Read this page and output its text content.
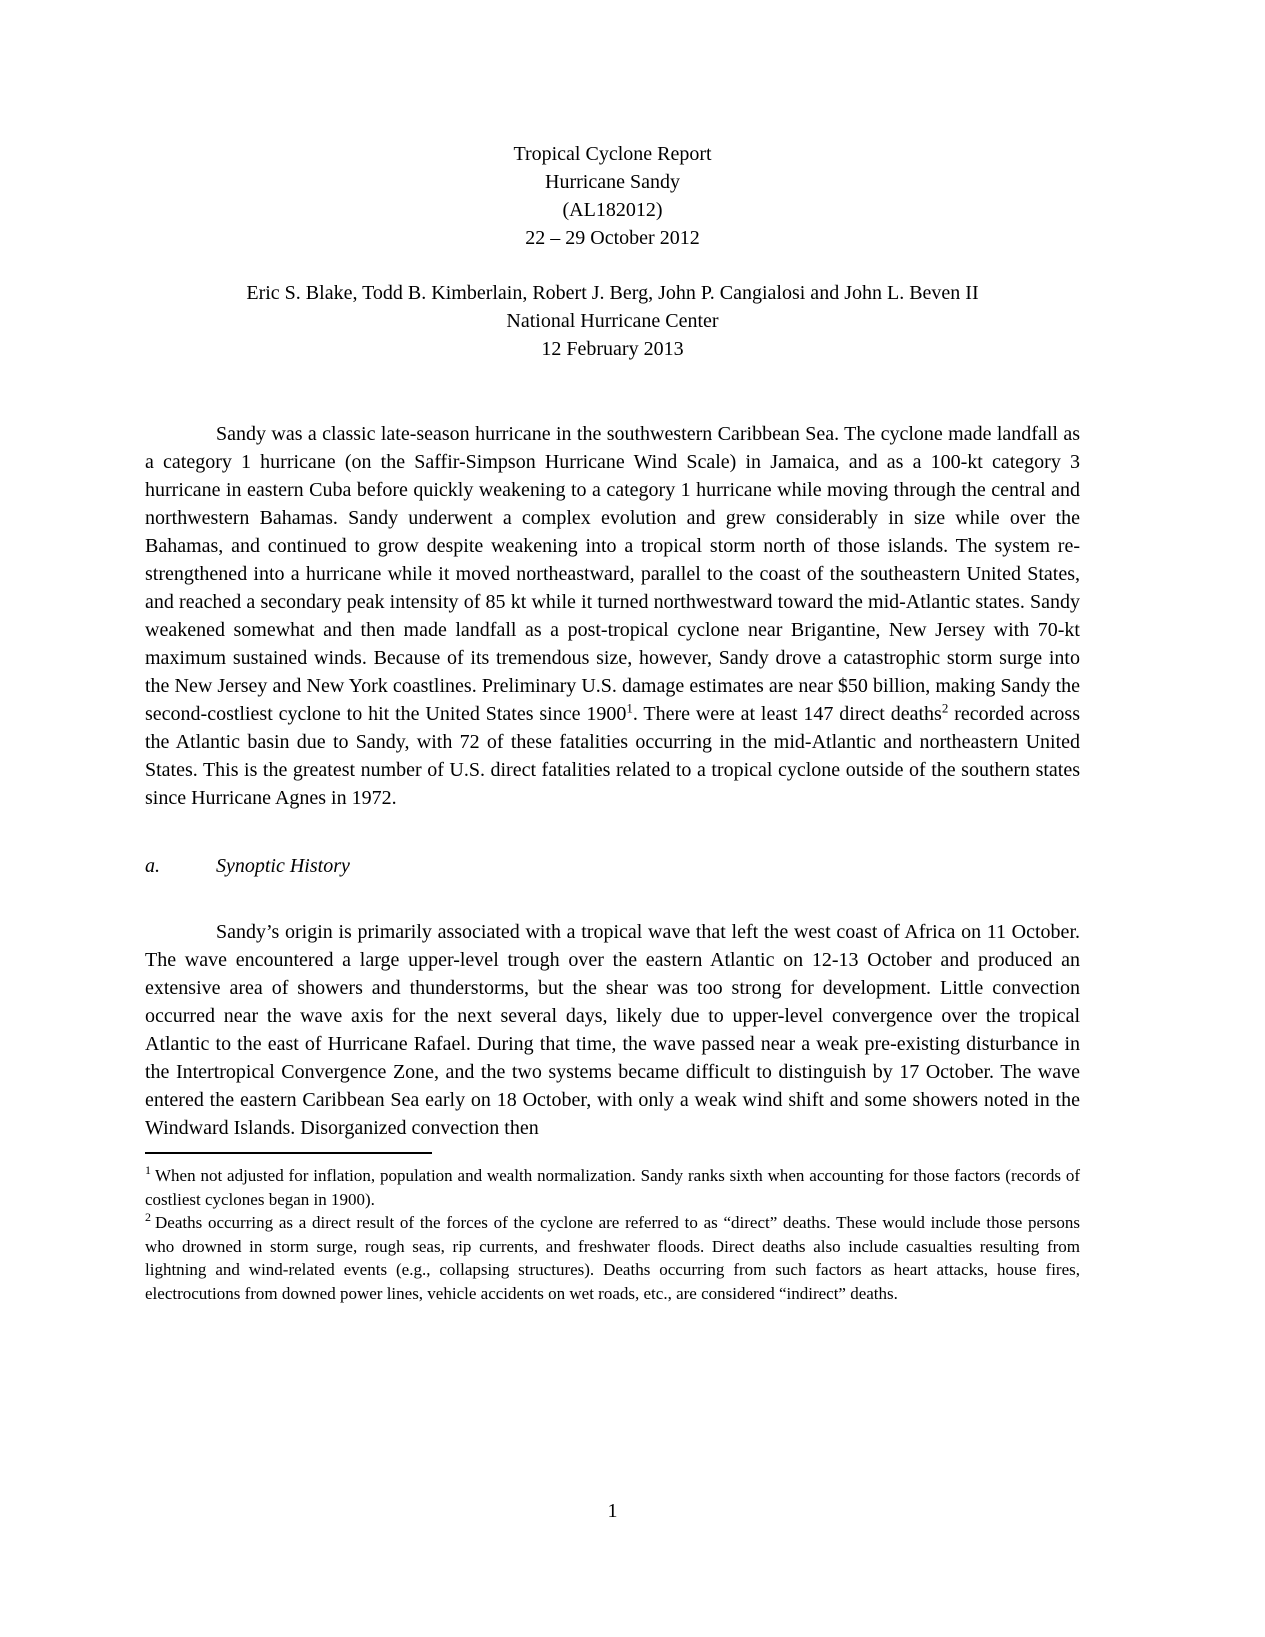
Tropical Cyclone Report
Hurricane Sandy
(AL182012)
22 – 29 October 2012
Eric S. Blake, Todd B. Kimberlain, Robert J. Berg, John P. Cangialosi and John L. Beven II
National Hurricane Center
12 February 2013

Sandy was a classic late-season hurricane in the southwestern Caribbean Sea. The cyclone made landfall as a category 1 hurricane (on the Saffir-Simpson Hurricane Wind Scale) in Jamaica, and as a 100-kt category 3 hurricane in eastern Cuba before quickly weakening to a category 1 hurricane while moving through the central and northwestern Bahamas. Sandy underwent a complex evolution and grew considerably in size while over the Bahamas, and continued to grow despite weakening into a tropical storm north of those islands. The system re-strengthened into a hurricane while it moved northeastward, parallel to the coast of the southeastern United States, and reached a secondary peak intensity of 85 kt while it turned northwestward toward the mid-Atlantic states. Sandy weakened somewhat and then made landfall as a post-tropical cyclone near Brigantine, New Jersey with 70-kt maximum sustained winds. Because of its tremendous size, however, Sandy drove a catastrophic storm surge into the New Jersey and New York coastlines. Preliminary U.S. damage estimates are near $50 billion, making Sandy the second-costliest cyclone to hit the United States since 1900$^1$. There were at least 147 direct deaths$^2$ recorded across the Atlantic basin due to Sandy, with 72 of these fatalities occurring in the mid-Atlantic and northeastern United States. This is the greatest number of U.S. direct fatalities related to a tropical cyclone outside of the southern states since Hurricane Agnes in 1972.

a.	Synoptic History

Sandy’s origin is primarily associated with a tropical wave that left the west coast of Africa on 11 October. The wave encountered a large upper-level trough over the eastern Atlantic on 12-13 October and produced an extensive area of showers and thunderstorms, but the shear was too strong for development. Little convection occurred near the wave axis for the next several days, likely due to upper-level convergence over the tropical Atlantic to the east of Hurricane Rafael. During that time, the wave passed near a weak pre-existing disturbance in the Intertropical Convergence Zone, and the two systems became difficult to distinguish by 17 October. The wave entered the eastern Caribbean Sea early on 18 October, with only a weak wind shift and some showers noted in the Windward Islands. Disorganized convection then

$^1$ When not adjusted for inflation, population and wealth normalization. Sandy ranks sixth when accounting for those factors (records of costliest cyclones began in 1900).
$^2$ Deaths occurring as a direct result of the forces of the cyclone are referred to as “direct” deaths. These would include those persons who drowned in storm surge, rough seas, rip currents, and freshwater floods. Direct deaths also include casualties resulting from lightning and wind-related events (e.g., collapsing structures). Deaths occurring from such factors as heart attacks, house fires, electrocutions from downed power lines, vehicle accidents on wet roads, etc., are considered “indirect” deaths.
1
